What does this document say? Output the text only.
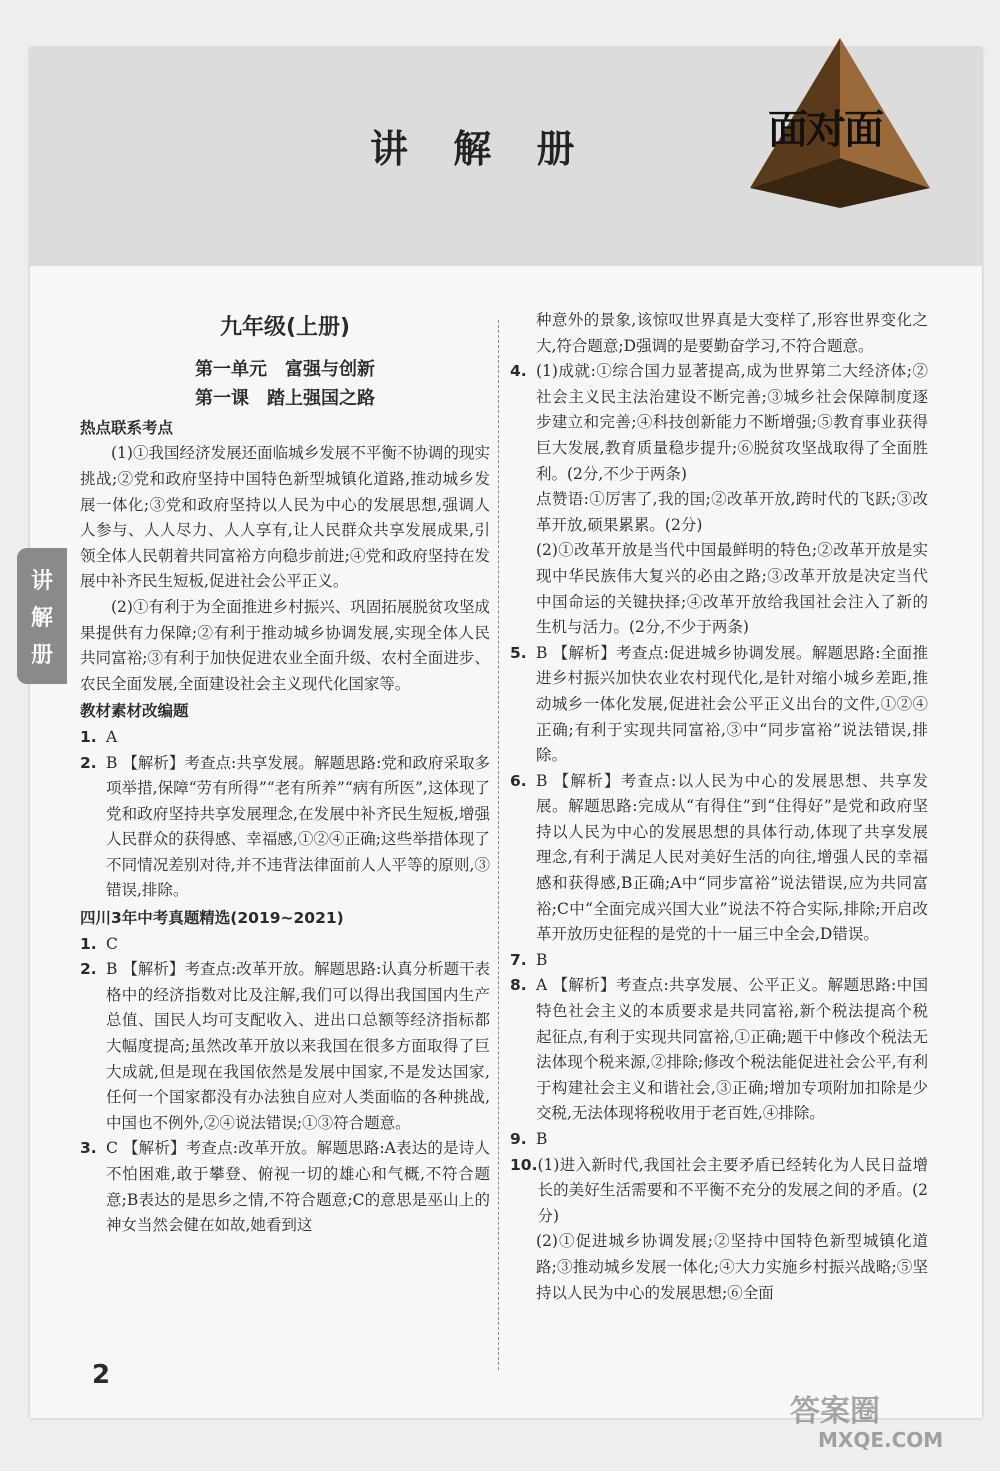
讲 解 册	面对面
讲
解
册
九年级(上册)
第一单元　富强与创新
第一课　踏上强国之路
热点联系考点

(1)①我国经济发展还面临城乡发展不平衡不协调的现实挑战;②党和政府坚持中国特色新型城镇化道路,推动城乡发展一体化;③党和政府坚持以人民为中心的发展思想,强调人人参与、人人尽力、人人享有,让人民群众共享发展成果,引领全体人民朝着共同富裕方向稳步前进;④党和政府坚持在发展中补齐民生短板,促进社会公平正义。

(2)①有利于为全面推进乡村振兴、巩固拓展脱贫攻坚成果提供有力保障;②有利于推动城乡协调发展,实现全体人民共同富裕;③有利于加快促进农业全面升级、农村全面进步、农民全面发展,全面建设社会主义现代化国家等。

教材素材改编题
1. A
2. B 【解析】考查点:共享发展。解题思路:党和政府采取多项举措,保障“劳有所得”“老有所养”“病有所医”,这体现了党和政府坚持共享发展理念,在发展中补齐民生短板,增强人民群众的获得感、幸福感,①②④正确;这些举措体现了不同情况差别对待,并不违背法律面前人人平等的原则,③错误,排除。
四川3年中考真题精选(2019~2021)
1. C
2. B 【解析】考查点:改革开放。解题思路:认真分析题干表格中的经济指数对比及注解,我们可以得出我国国内生产总值、国民人均可支配收入、进出口总额等经济指标都大幅度提高;虽然改革开放以来我国在很多方面取得了巨大成就,但是现在我国依然是发展中国家,不是发达国家,任何一个国家都没有办法独自应对人类面临的各种挑战,中国也不例外,②④说法错误;①③符合题意。
3. C 【解析】考查点:改革开放。解题思路:A表达的是诗人不怕困难,敢于攀登、俯视一切的雄心和气概,不符合题意;B表达的是思乡之情,不符合题意;C的意思是巫山上的神女当然会健在如故,她看到这

种意外的景象,该惊叹世界真是大变样了,形容世界变化之大,符合题意;D强调的是要勤奋学习,不符合题意。

4. (1)成就:①综合国力显著提高,成为世界第二大经济体;②社会主义民主法治建设不断完善;③城乡社会保障制度逐步建立和完善;④科技创新能力不断增强;⑤教育事业获得巨大发展,教育质量稳步提升;⑥脱贫攻坚战取得了全面胜利。(2分,不少于两条)

点赞语:①厉害了,我的国;②改革开放,跨时代的飞跃;③改革开放,硕果累累。(2分)

(2)①改革开放是当代中国最鲜明的特色;②改革开放是实现中华民族伟大复兴的必由之路;③改革开放是决定当代中国命运的关键抉择;④改革开放给我国社会注入了新的生机与活力。(2分,不少于两条)

5. B 【解析】考查点:促进城乡协调发展。解题思路:全面推进乡村振兴加快农业农村现代化,是针对缩小城乡差距,推动城乡一体化发展,促进社会公平正义出台的文件,①②④正确;有利于实现共同富裕,③中“同步富裕”说法错误,排除。
6. B 【解析】考查点:以人民为中心的发展思想、共享发展。解题思路:完成从“有得住”到“住得好”是党和政府坚持以人民为中心的发展思想的具体行动,体现了共享发展理念,有利于满足人民对美好生活的向往,增强人民的幸福感和获得感,B正确;A中“同步富裕”说法错误,应为共同富裕;C中“全面完成兴国大业”说法不符合实际,排除;开启改革开放历史征程的是党的十一届三中全会,D错误。
7. B
8. A 【解析】考查点:共享发展、公平正义。解题思路:中国特色社会主义的本质要求是共同富裕,新个税法提高个税起征点,有利于实现共同富裕,①正确;题干中修改个税法无法体现个税来源,②排除;修改个税法能促进社会公平,有利于构建社会主义和谐社会,③正确;增加专项附加扣除是少交税,无法体现将税收用于老百姓,④排除。
9. B
10. (1)进入新时代,我国社会主要矛盾已经转化为人民日益增长的美好生活需要和不平衡不充分的发展之间的矛盾。(2分)

(2)①促进城乡协调发展;②坚持中国特色新型城镇化道路;③推动城乡发展一体化;④大力实施乡村振兴战略;⑤坚持以人民为中心的发展思想;⑥全面

2
答案圈
MXQE.COM
